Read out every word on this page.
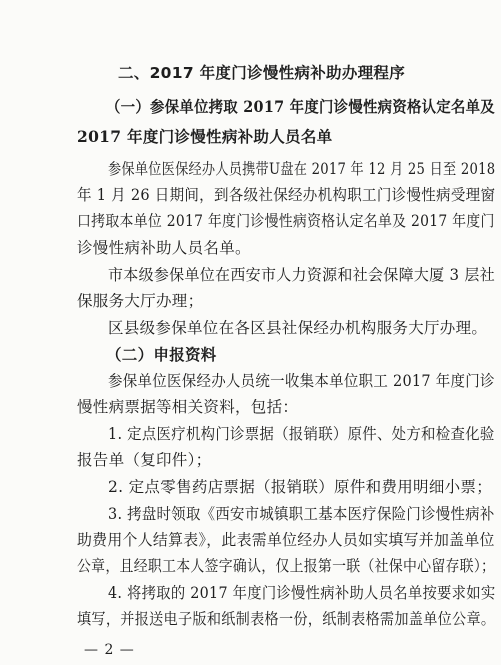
二、2017 年度门诊慢性病补助办理程序
（一）参保单位拷取 2017 年度门诊慢性病资格认定名单及
2017 年度门诊慢性病补助人员名单
参保单位医保经办人员携带U盘在 2017 年 12 月 25 日至 2018
年 1 月 26 日期间，到各级社保经办机构职工门诊慢性病受理窗
口拷取本单位 2017 年度门诊慢性病资格认定名单及 2017 年度门
诊慢性病补助人员名单。
市本级参保单位在西安市人力资源和社会保障大厦 3 层社
保服务大厅办理；
区县级参保单位在各区县社保经办机构服务大厅办理。
（二）申报资料
参保单位医保经办人员统一收集本单位职工 2017 年度门诊
慢性病票据等相关资料，包括：
1. 定点医疗机构门诊票据（报销联）原件、处方和检查化验
报告单（复印件）；
2. 定点零售药店票据（报销联）原件和费用明细小票；
3. 拷盘时领取《西安市城镇职工基本医疗保险门诊慢性病补
助费用个人结算表》，此表需单位经办人员如实填写并加盖单位
公章，且经职工本人签字确认，仅上报第一联（社保中心留存联）；
4. 将拷取的 2017 年度门诊慢性病补助人员名单按要求如实
填写，并报送电子版和纸制表格一份，纸制表格需加盖单位公章。
— 2 —
